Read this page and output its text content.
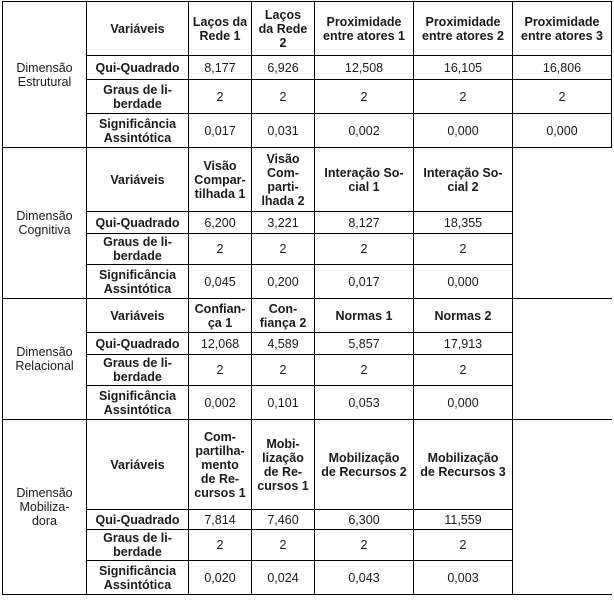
Dimensão
Estrutural	Variáveis	Laços da
Rede 1	Laços
da Rede
2	Proximidade
entre atores 1	Proximidade
entre atores 2	Proximidade
entre atores 3
	Qui-Quadrado	8,177	6,926	12,508	16,105	16,806
	Graus de li-
berdade	2	2	2	2	2
	Significância
Assintótica	0,017	0,031	0,002	0,000	0,000
Dimensão
Cognitiva	Variáveis	Visão
Compar-
tilhada 1	Visão
Com-
parti-
lhada 2	Interação So-
cial 1	Interação So-
cial 2	
	Qui-Quadrado	6,200	3,221	8,127	18,355	
	Graus de li-
berdade	2	2	2	2	
	Significância
Assintótica	0,045	0,200	0,017	0,000	
Dimensão
Relacional	Variáveis	Confian-
ça 1	Con-
fiança 2	Normas 1	Normas 2	
	Qui-Quadrado	12,068	4,589	5,857	17,913	
	Graus de li-
berdade	2	2	2	2	
	Significância
Assintótica	0,002	0,101	0,053	0,000	
Dimensão
Mobiliza-
dora	Variáveis	Com-
partilha-
mento
de Re-
cursos 1	Mobi-
lização
de Re-
cursos 1	Mobilização
de Recursos 2	Mobilização
de Recursos 3	
	Qui-Quadrado	7,814	7,460	6,300	11,559	
	Graus de li-
berdade	2	2	2	2	
	Significância
Assintótica	0,020	0,024	0,043	0,003	
